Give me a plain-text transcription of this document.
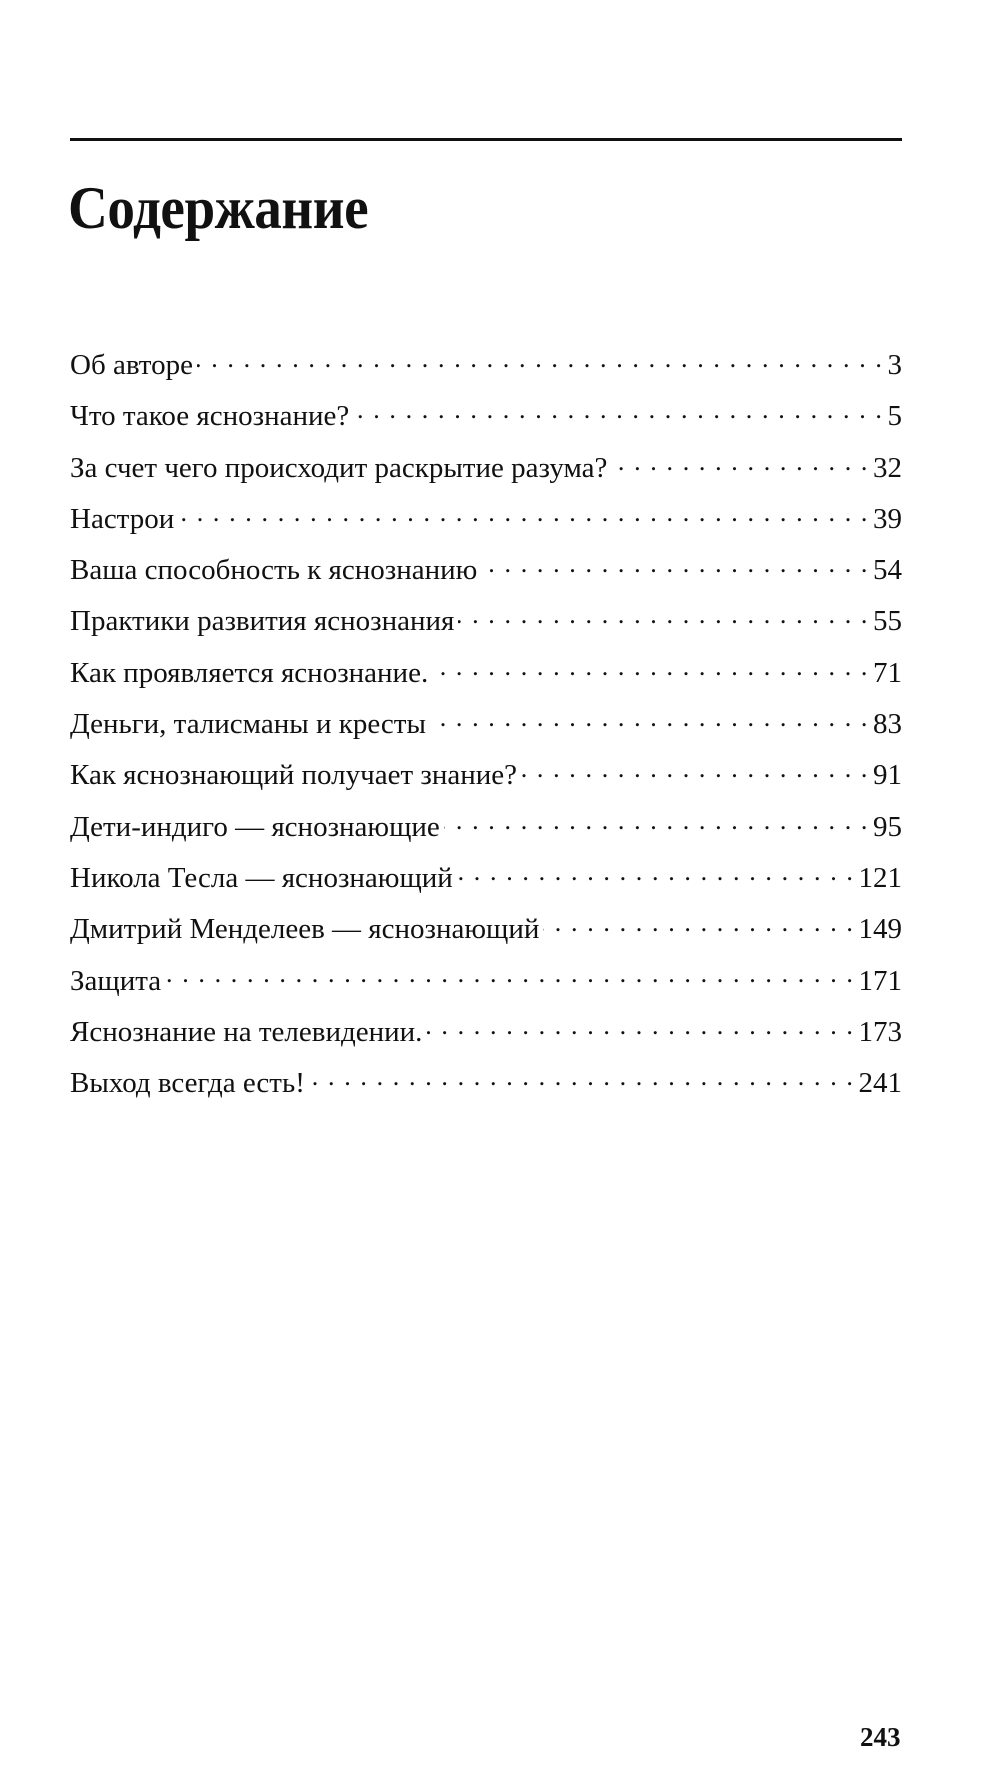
Содержание
Об авторе . . .	3
Что такое яснознание? . . .	5
За счет чего происходит раскрытие разума? . . .	32
Настрои . . .	39
Ваша способность к яснознанию . . .	54
Практики развития яснознания . . .	55
Как проявляется яснознание. . . .	71
Деньги, талисманы и кресты . . .	83
Как яснознающий получает знание? . . .	91
Дети-индиго — яснознающие . . .	95
Никола Тесла — яснознающий . . .	121
Дмитрий Менделеев — яснознающий . . .	149
Защита . . .	171
Яснознание на телевидении. . . .	173
Выход всегда есть! . . .	241
243
